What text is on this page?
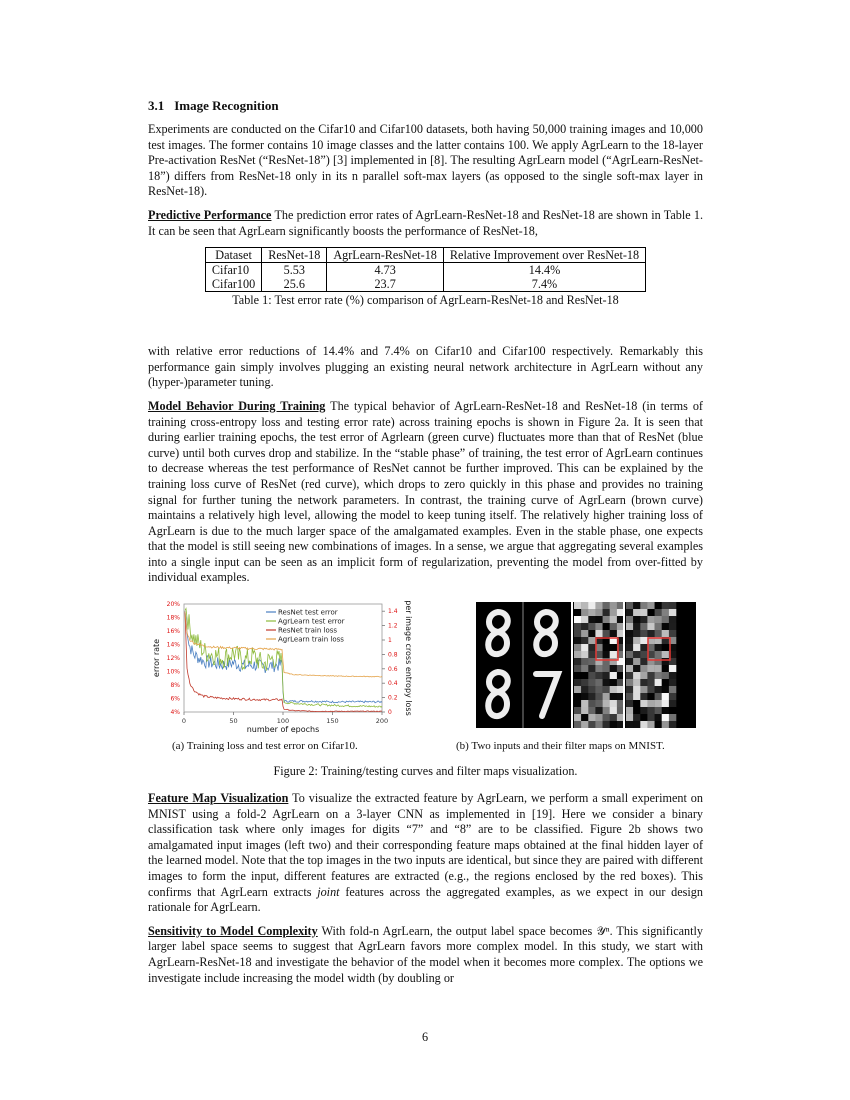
3.1 Image Recognition

Experiments are conducted on the Cifar10 and Cifar100 datasets, both having 50,000 training images and 10,000 test images. The former contains 10 image classes and the latter contains 100. We apply AgrLearn to the 18-layer Pre-activation ResNet (“ResNet-18”) [3] implemented in [8]. The resulting AgrLearn model (“AgrLearn-ResNet-18”) differs from ResNet-18 only in its n parallel soft-max layers (as opposed to the single soft-max layer in ResNet-18).

Predictive Performance The prediction error rates of AgrLearn-ResNet-18 and ResNet-18 are shown in Table 1. It can be seen that AgrLearn significantly boosts the performance of ResNet-18,

Dataset	ResNet-18	AgrLearn-ResNet-18	Relative Improvement over ResNet-18
Cifar10	5.53	4.73	14.4%
Cifar100	25.6	23.7	7.4%
Table 1: Test error rate (%) comparison of AgrLearn-ResNet-18 and ResNet-18

with relative error reductions of 14.4% and 7.4% on Cifar10 and Cifar100 respectively. Remarkably this performance gain simply involves plugging an existing neural network architecture in AgrLearn without any (hyper-)parameter tuning.

Model Behavior During Training The typical behavior of AgrLearn-ResNet-18 and ResNet-18 (in terms of training cross-entropy loss and testing error rate) across training epochs is shown in Figure 2a. It is seen that during earlier training epochs, the test error of Agrlearn (green curve) fluctuates more than that of ResNet (blue curve) until both curves drop and stabilize. In the “stable phase” of training, the test error of AgrLearn continues to decrease whereas the test performance of ResNet cannot be further improved. This can be explained by the training loss curve of ResNet (red curve), which drops to zero quickly in this phase and provides no training signal for further tuning the network parameters. In contrast, the training curve of AgrLearn (brown curve) maintains a relatively high level, allowing the model to keep tuning itself. The relatively higher training loss of AgrLearn is due to the much larger space of the amalgamated examples. Even in the stable phase, one expects that the model is still seeing new combinations of images. In a sense, we argue that aggregating several examples into a single input can be seen as an implicit form of regularization, preventing the model from over-fitted by individual examples.

0	50	100	150	200
4%
6%
8%
10%
12%
14%
16%
18%
20%
0
0.2
0.4
0.6
0.8
1
1.2
1.4
ResNet test error
AgrLearn test error
ResNet train loss
AgrLearn train loss
number of epochs
error rate	per image cross entropy loss
(a) Training loss and test error on Cifar10.	(b) Two inputs and their filter maps on MNIST.
Figure 2: Training/testing curves and filter maps visualization.

Feature Map Visualization To visualize the extracted feature by AgrLearn, we perform a small experiment on MNIST using a fold-2 AgrLearn on a 3-layer CNN as implemented in [19]. Here we consider a binary classification task where only images for digits “7” and “8” are to be classified. Figure 2b shows two amalgamated input images (left two) and their corresponding feature maps obtained at the final hidden layer of the learned model. Note that the top images in the two inputs are identical, but since they are paired with different images to form the input, different features are extracted (e.g., the regions enclosed by the red boxes). This confirms that AgrLearn extracts joint features across the aggregated examples, as we expect in our design rationale for AgrLearn.

Sensitivity to Model Complexity With fold-n AgrLearn, the output label space becomes 𝒴ⁿ. This significantly larger label space seems to suggest that AgrLearn favors more complex model. In this study, we start with AgrLearn-ResNet-18 and investigate the behavior of the model when it becomes more complex. The options we investigate include increasing the model width (by doubling or

6
